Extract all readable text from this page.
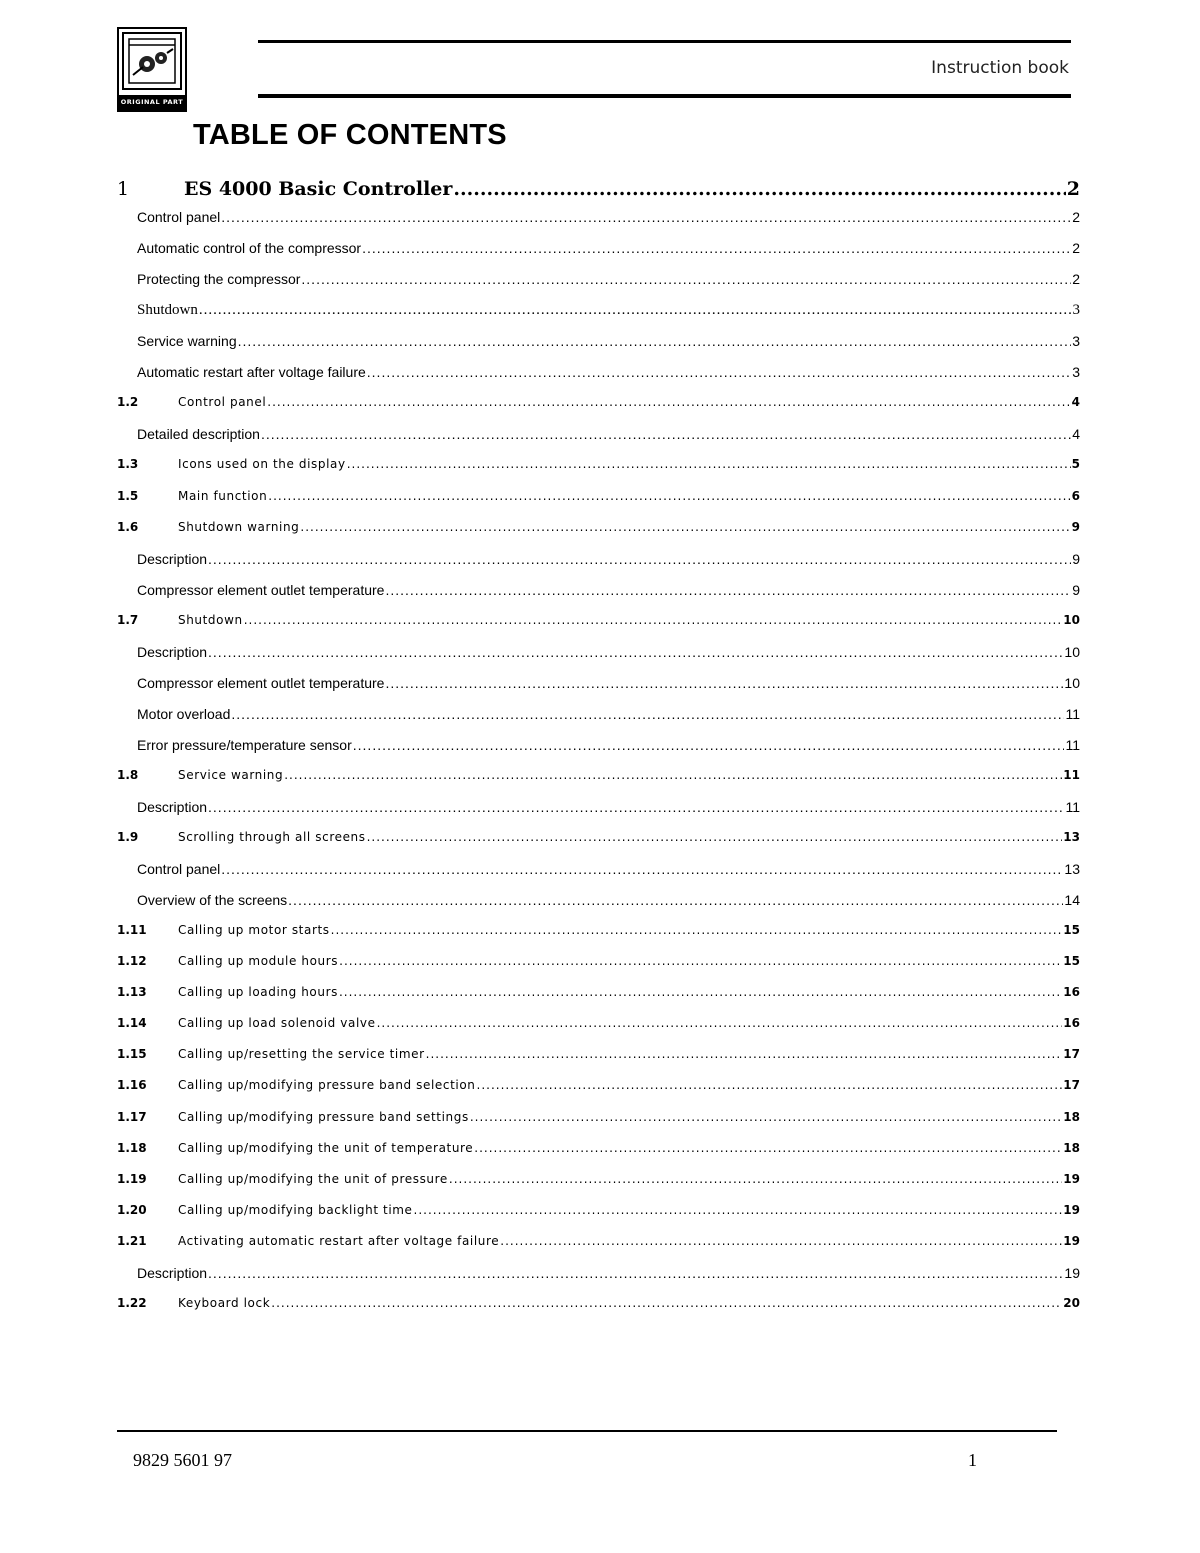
ORIGINAL PART
Instruction book
TABLE OF CONTENTS
1	ES 4000 Basic Controller .....	2
Control panel .....	2
Automatic control of the compressor .....	2
Protecting the compressor .....	2
Shutdown .....	3
Service warning .....	3
Automatic restart after voltage failure .....	3
1.2	Control panel .....	4
Detailed description .....	4
1.3	Icons used on the display .....	5
1.5	Main function .....	6
1.6	Shutdown warning .....	9
Description .....	9
Compressor element outlet temperature .....	9
1.7	Shutdown .....	10
Description .....	10
Compressor element outlet temperature .....	10
Motor overload .....	11
Error pressure/temperature sensor .....	11
1.8	Service warning .....	11
Description .....	11
1.9	Scrolling through all screens .....	13
Control panel .....	13
Overview of the screens .....	14
1.11	Calling up motor starts .....	15
1.12	Calling up module hours .....	15
1.13	Calling up loading hours .....	16
1.14	Calling up load solenoid valve .....	16
1.15	Calling up/resetting the service timer .....	17
1.16	Calling up/modifying pressure band selection .....	17
1.17	Calling up/modifying pressure band settings .....	18
1.18	Calling up/modifying the unit of temperature .....	18
1.19	Calling up/modifying the unit of pressure .....	19
1.20	Calling up/modifying backlight time .....	19
1.21	Activating automatic restart after voltage failure .....	19
Description .....	19
1.22	Keyboard lock .....	20
9829 5601 97	1
